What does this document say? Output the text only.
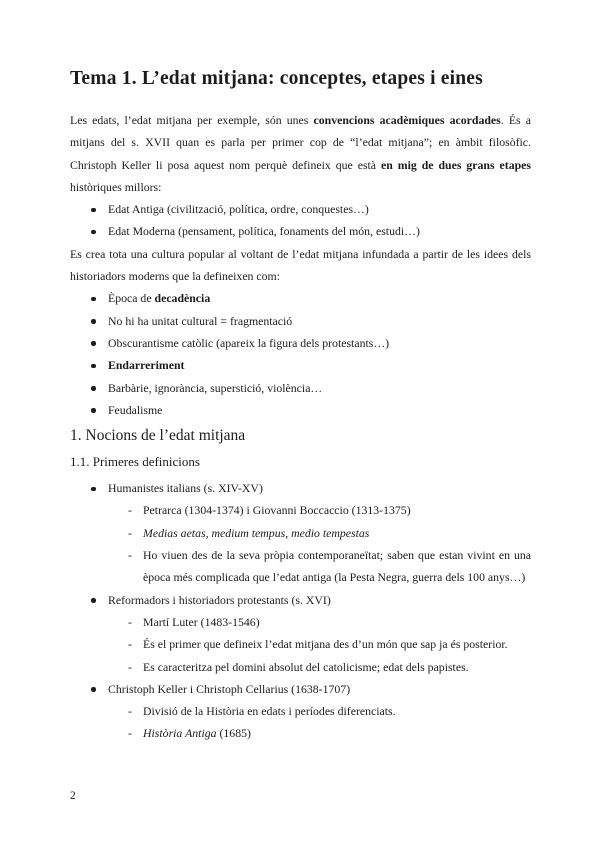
Tema 1. L’edat mitjana: conceptes, etapes i eines

Les edats, l’edat mitjana per exemple, són unes convencions acadèmiques acordades. És a mitjans del s. XVII quan es parla per primer cop de “l’edat mitjana”; en àmbit filosòfic. Christoph Keller li posa aquest nom perquè defineix que està en mig de dues grans etapes històriques millors:

Edat Antiga (civilització, política, ordre, conquestes…)
Edat Moderna (pensament, política, fonaments del món, estudi…)

Es crea tota una cultura popular al voltant de l’edat mitjana infundada a partir de les idees dels historiadors moderns que la defineixen com:

Època de decadència
No hi ha unitat cultural = fragmentació
Obscurantisme catòlic (apareix la figura dels protestants…)
Endarreriment
Barbàrie, ignorància, superstició, violència…
Feudalisme
1. Nocions de l’edat mitjana
1.1. Primeres definicions
Humanistes italians (s. XIV-XV)
- Petrarca (1304-1374) i Giovanni Boccaccio (1313-1375)
- Medias aetas, medium tempus, medio tempestas
- Ho viuen des de la seva pròpia contemporaneïtat; saben que estan vivint en una època més complicada que l’edat antiga (la Pesta Negra, guerra dels 100 anys…)
Reformadors i historiadors protestants (s. XVI)
- Martí Luter (1483-1546)
- És el primer que defineix l’edat mitjana des d’un món que sap ja és posterior.
- Es caracteritza pel domini absolut del catolicisme; edat dels papistes.
Christoph Keller i Christoph Cellarius (1638-1707)
- Divisió de la Història en edats i períodes diferenciats.
- Història Antiga (1685)
2
